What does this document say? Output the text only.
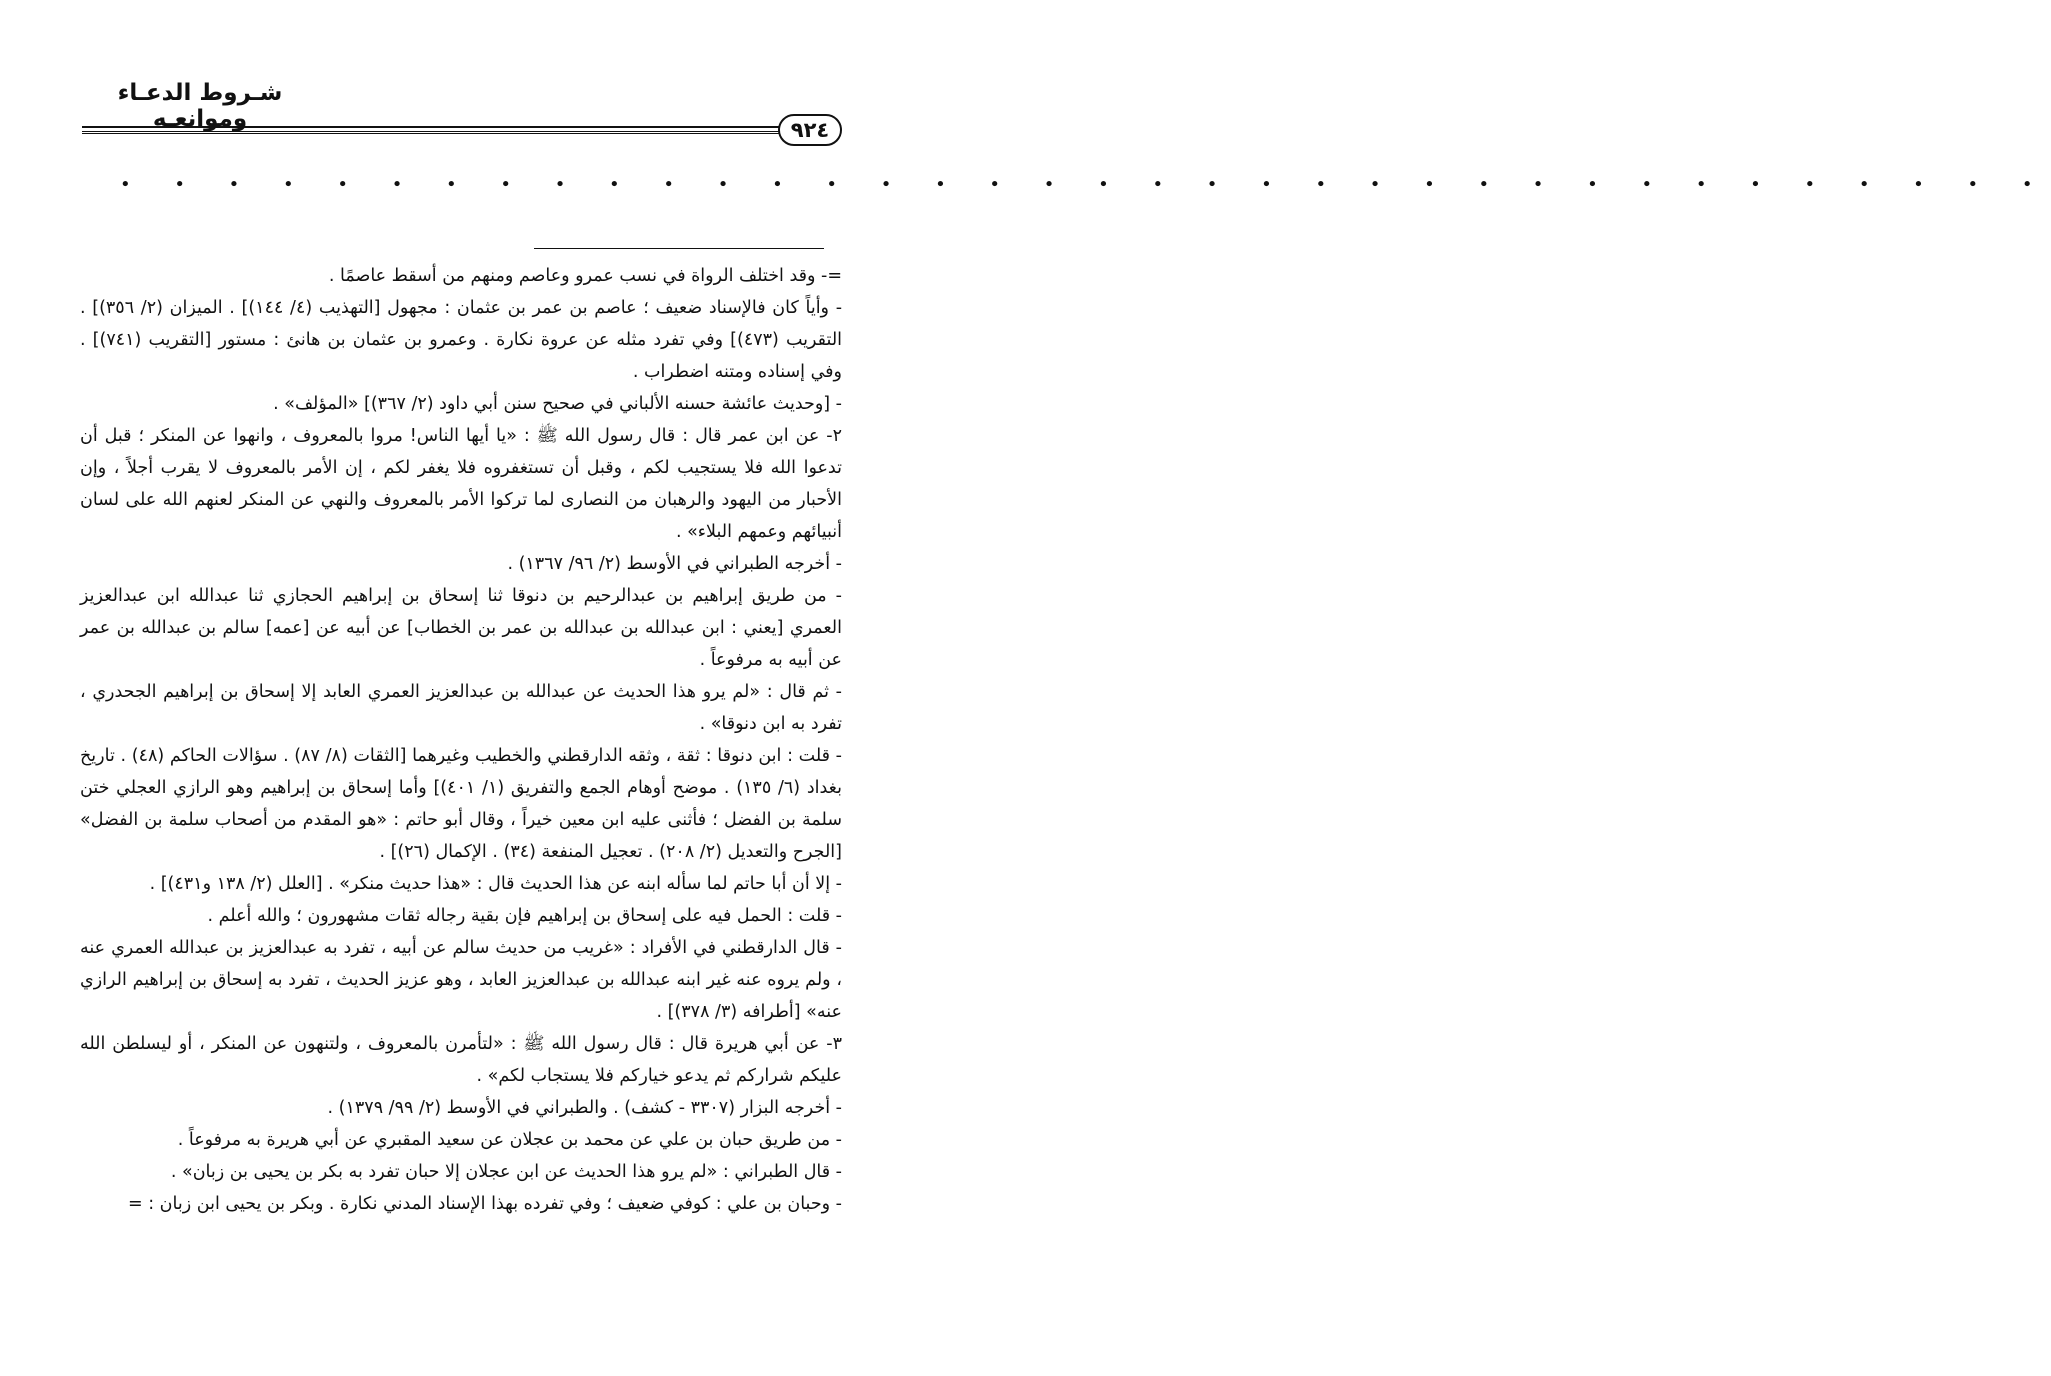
شـروط الدعـاء وموانعـه	٩٢٤
• • • • • • • • • • • • • • • • • • • • • • • • • • • • • • • • • • • •

=- وقد اختلف الرواة في نسب عمرو وعاصم ومنهم من أسقط عاصمًا .

- وأياً كان فالإسناد ضعيف ؛ عاصم بن عمر بن عثمان : مجهول [التهذيب (٤/ ١٤٤)] . الميزان (٢/ ٣٥٦)] . التقريب (٤٧٣)] وفي تفرد مثله عن عروة نكارة . وعمرو بن عثمان بن هانئ : مستور [التقريب (٧٤١)] . وفي إسناده ومتنه اضطراب .

- [وحديث عائشة حسنه الألباني في صحيح سنن أبي داود (٢/ ٣٦٧)] «المؤلف» .

٢- عن ابن عمر قال : قال رسول الله ﷺ : «يا أيها الناس! مروا بالمعروف ، وانهوا عن المنكر ؛ قبل أن تدعوا الله فلا يستجيب لكم ، وقبل أن تستغفروه فلا يغفر لكم ، إن الأمر بالمعروف لا يقرب أجلاً ، وإن الأحبار من اليهود والرهبان من النصارى لما تركوا الأمر بالمعروف والنهي عن المنكر لعنهم الله على لسان أنبيائهم وعمهم البلاء» .

- أخرجه الطبراني في الأوسط (٢/ ٩٦/ ١٣٦٧) .

- من طريق إبراهيم بن عبدالرحيم بن دنوقا ثنا إسحاق بن إبراهيم الحجازي ثنا عبدالله ابن عبدالعزيز العمري [يعني : ابن عبدالله بن عبدالله بن عمر بن الخطاب] عن أبيه عن [عمه] سالم بن عبدالله بن عمر عن أبيه به مرفوعاً .

- ثم قال : «لم يرو هذا الحديث عن عبدالله بن عبدالعزيز العمري العابد إلا إسحاق بن إبراهيم الجحدري ، تفرد به ابن دنوقا» .

- قلت : ابن دنوقا : ثقة ، وثقه الدارقطني والخطيب وغيرهما [الثقات (٨/ ٨٧) . سؤالات الحاكم (٤٨) . تاريخ بغداد (٦/ ١٣٥) . موضح أوهام الجمع والتفريق (١/ ٤٠١)] وأما إسحاق بن إبراهيم وهو الرازي العجلي ختن سلمة بن الفضل ؛ فأثنى عليه ابن معين خيراً ، وقال أبو حاتم : «هو المقدم من أصحاب سلمة بن الفضل» [الجرح والتعديل (٢/ ٢٠٨) . تعجيل المنفعة (٣٤) . الإكمال (٢٦)] .

- إلا أن أبا حاتم لما سأله ابنه عن هذا الحديث قال : «هذا حديث منكر» . [العلل (٢/ ١٣٨ و٤٣١)] .

- قلت : الحمل فيه على إسحاق بن إبراهيم فإن بقية رجاله ثقات مشهورون ؛ والله أعلم .

- قال الدارقطني في الأفراد : «غريب من حديث سالم عن أبيه ، تفرد به عبدالعزيز بن عبدالله العمري عنه ، ولم يروه عنه غير ابنه عبدالله بن عبدالعزيز العابد ، وهو عزيز الحديث ، تفرد به إسحاق بن إبراهيم الرازي عنه» [أطرافه (٣/ ٣٧٨)] .

٣- عن أبي هريرة قال : قال رسول الله ﷺ : «لتأمرن بالمعروف ، ولتنهون عن المنكر ، أو ليسلطن الله عليكم شراركم ثم يدعو خياركم فلا يستجاب لكم» .

- أخرجه البزار (٣٣٠٧ - كشف) . والطبراني في الأوسط (٢/ ٩٩/ ١٣٧٩) .

- من طريق حبان بن علي عن محمد بن عجلان عن سعيد المقبري عن أبي هريرة به مرفوعاً .

- قال الطبراني : «لم يرو هذا الحديث عن ابن عجلان إلا حبان تفرد به بكر بن يحيى بن زبان» .

- وحبان بن علي : كوفي ضعيف ؛ وفي تفرده بهذا الإسناد المدني نكارة . وبكر بن يحيى ابن زبان : =
